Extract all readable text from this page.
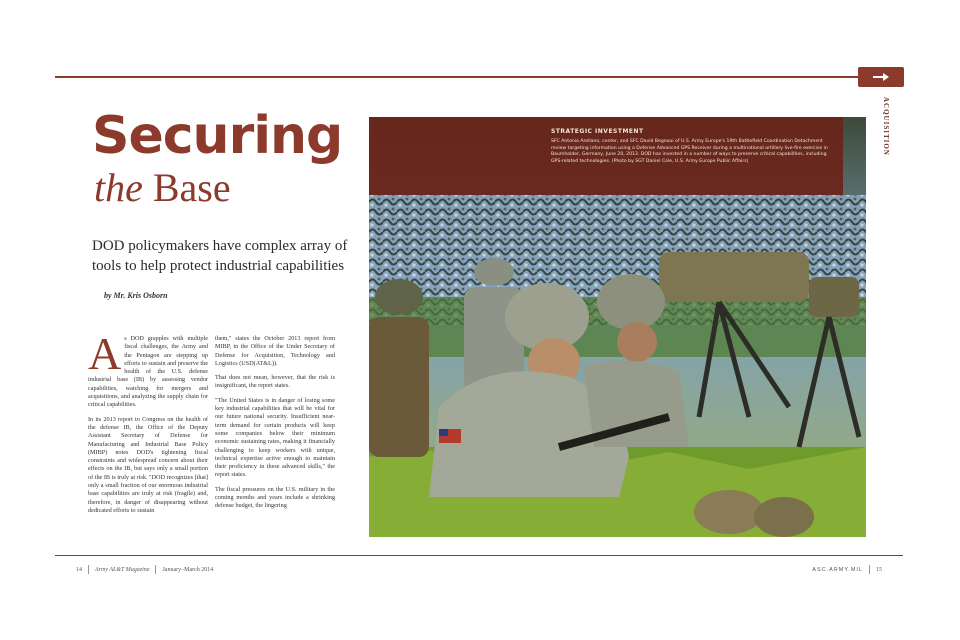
ACQUISITION
Securing
the Base
DOD policymakers have complex array of tools to help protect industrial capabilities
by Mr. Kris Osborn

As DOD grapples with multiple fiscal challenges, the Army and the Pentagon are stepping up efforts to sustain and preserve the health of the U.S. defense industrial base (IB) by assessing vendor capabilities, watching for mergers and acquisitions, and analyzing the supply chain for critical capabilities.

In its 2013 report to Congress on the health of the defense IB, the Office of the Deputy Assistant Secretary of Defense for Manufacturing and Industrial Base Policy (MIBP) notes DOD's tightening fiscal constraints and widespread concern about their effects on the IB, but says only a small portion of the IB is truly at risk. "DOD recognizes [that] only a small fraction of our enormous industrial base capabilities are truly at risk (fragile) and, therefore, in danger of disappearing without dedicated efforts to sustain

them," states the October 2013 report from MIBP, in the Office of the Under Secretary of Defense for Acquisition, Technology and Logistics (USD(AT&L)).

That does not mean, however, that the risk is insignificant, the report states.

"The United States is in danger of losing some key industrial capabilities that will be vital for our future national security. Insufficient near-term demand for certain products will keep some companies below their minimum economic sustaining rates, making it financially challenging to keep workers with unique, technical expertise active enough to maintain their proficiency in these advanced skills," the report states.

The fiscal pressures on the U.S. military in the coming months and years include a shrinking defense budget, the lingering

STRATEGIC INVESTMENT
SFC Antonio Arellano, center, and SFC David Begnoui of U.S. Army Europe's 19th Battlefield Coordination Detachment review targeting information using a Defense Advanced GPS Receiver during a multinational artillery live-fire exercise in Baumholder, Germany, June 20, 2013. DOD has invested in a number of ways to preserve critical capabilities, including GPS-related technologies. (Photo by SGT Daniel Cole, U.S. Army Europe Public Affairs)
14 Army AL&T Magazine January–March 2014	ASC.ARMY.MIL 15
